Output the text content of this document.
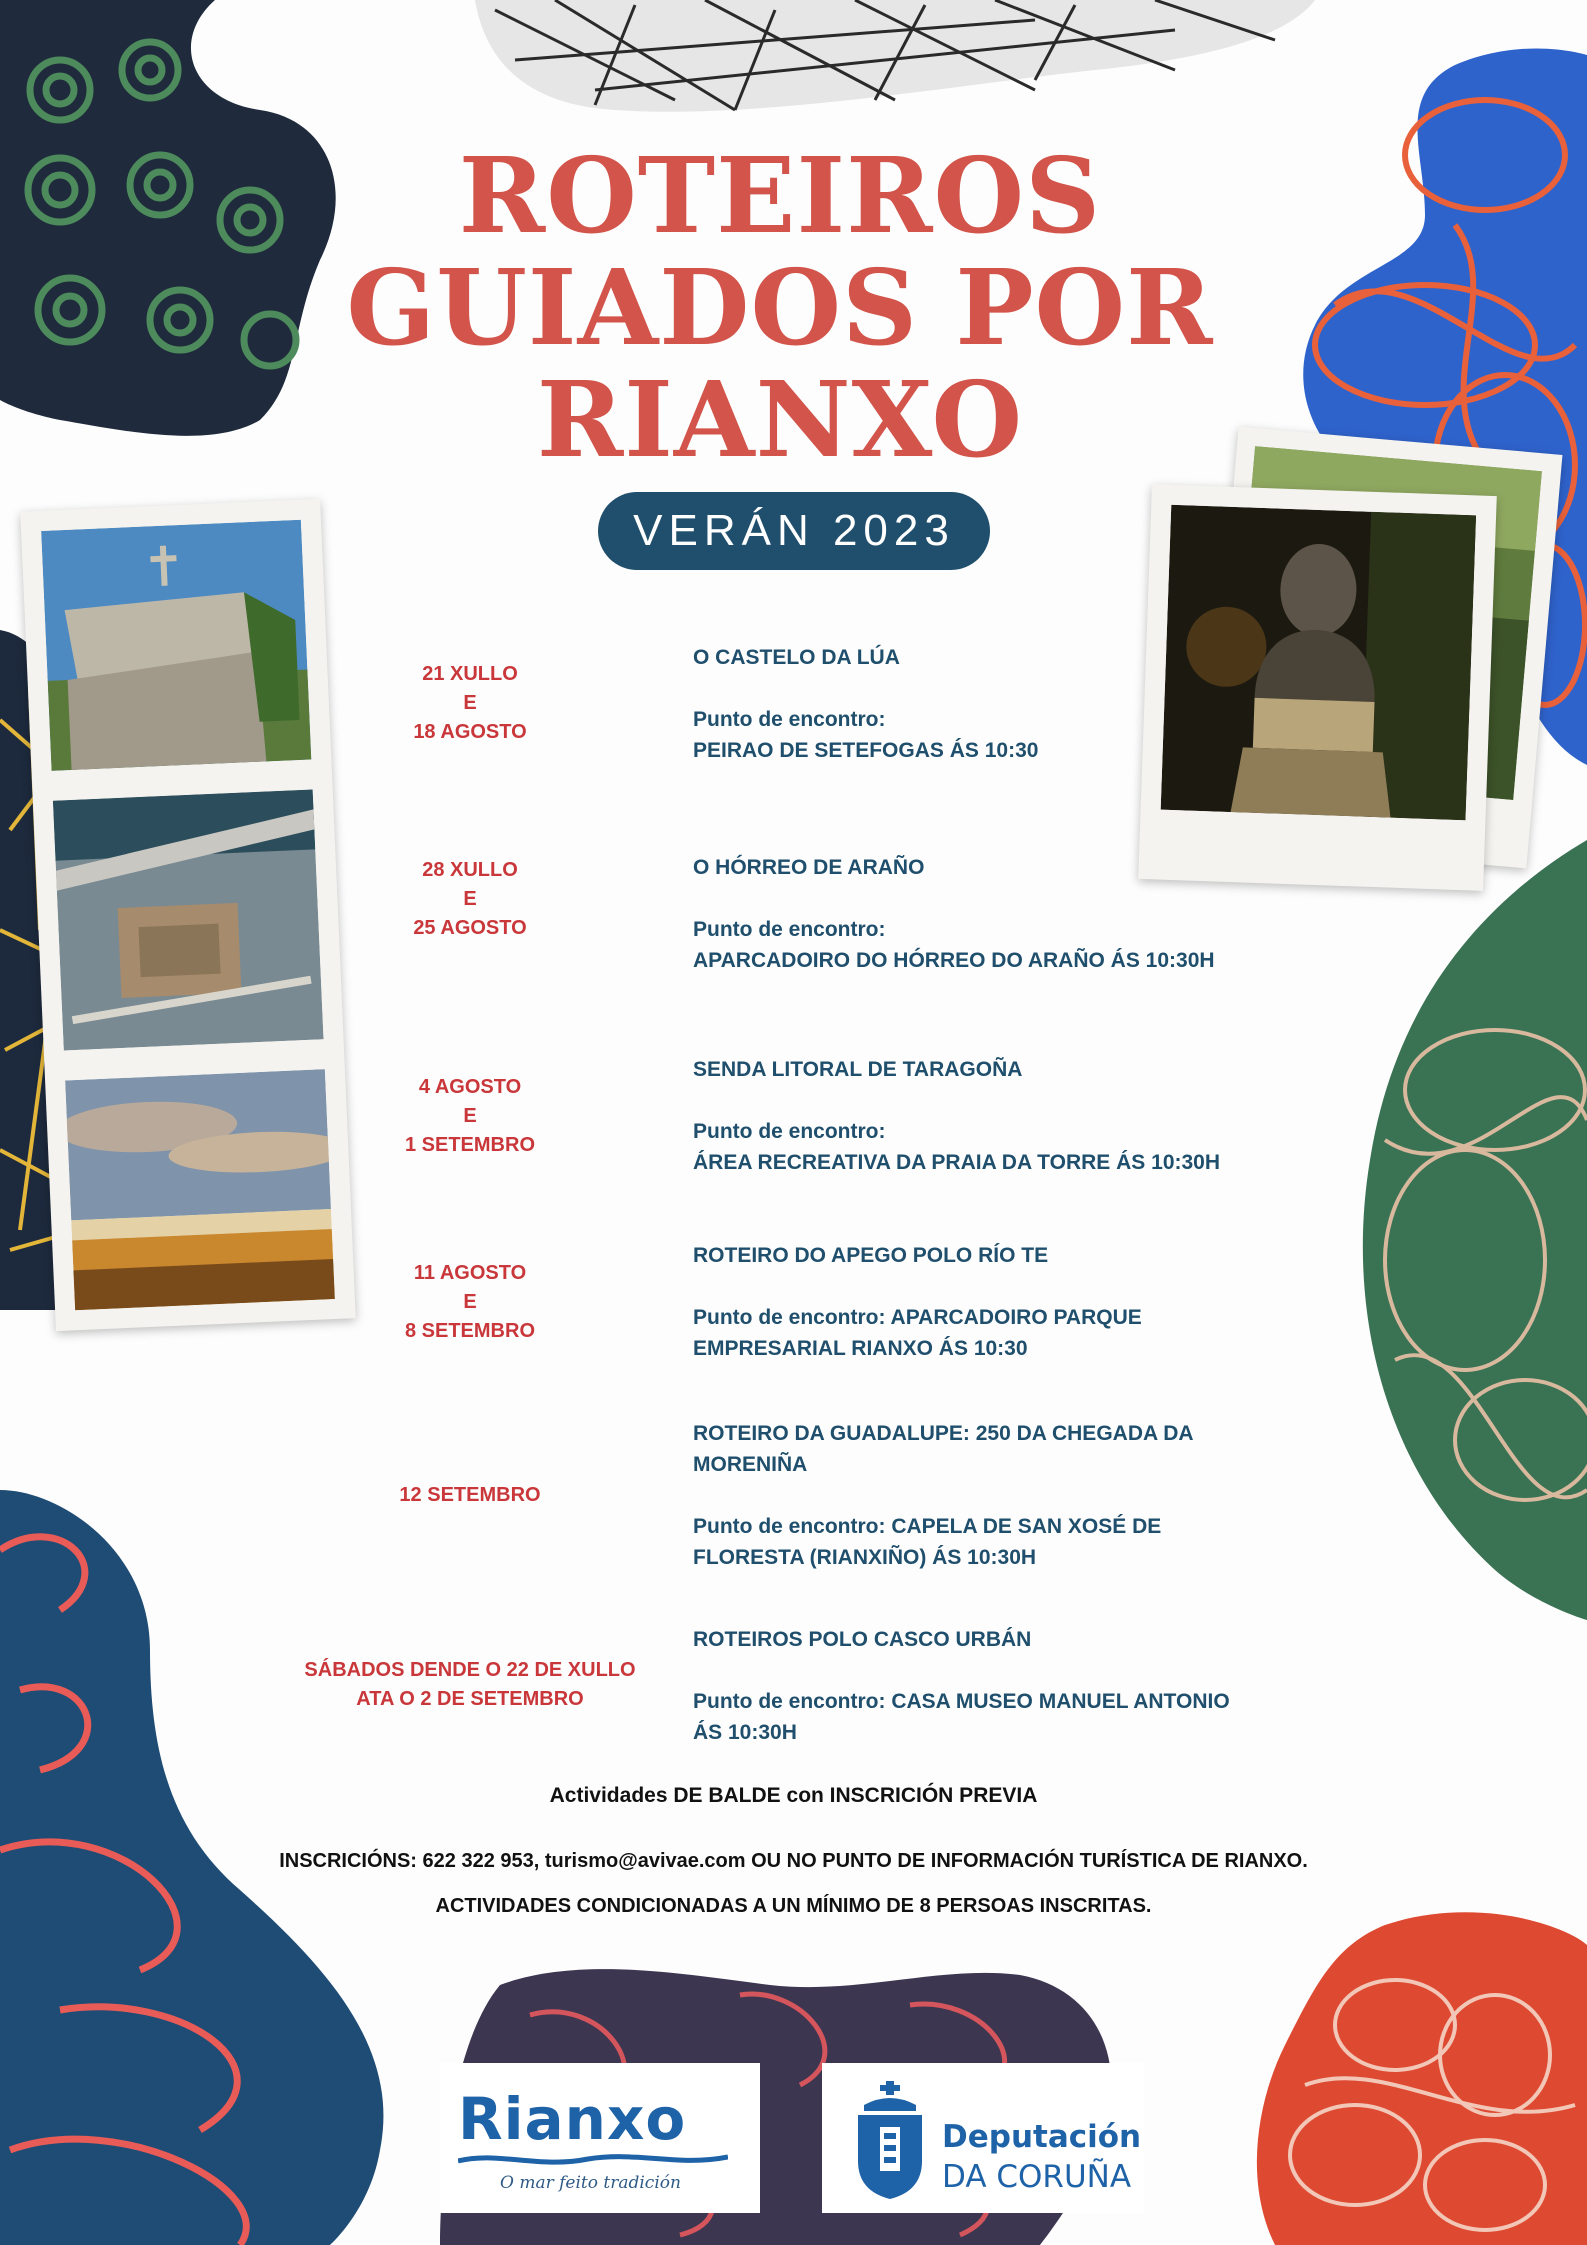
ROTEIROS
GUIADOS POR
RIANXO
VERÁN 2023
21 XULLO
E
18 AGOSTO
O CASTELO DA LÚA
Punto de encontro:
PEIRAO DE SETEFOGAS ÁS 10:30
28 XULLO
E
25 AGOSTO
O HÓRREO DE ARAÑO
Punto de encontro:
APARCADOIRO DO HÓRREO DO ARAÑO ÁS 10:30H
4 AGOSTO
E
1 SETEMBRO
SENDA LITORAL DE TARAGOÑA
Punto de encontro:
ÁREA RECREATIVA DA PRAIA DA TORRE ÁS 10:30H
11 AGOSTO
E
8 SETEMBRO
ROTEIRO DO APEGO POLO RÍO TE
Punto de encontro: APARCADOIRO PARQUE
EMPRESARIAL RIANXO ÁS 10:30
12 SETEMBRO
ROTEIRO DA GUADALUPE: 250 DA CHEGADA DA
MORENIÑA
Punto de encontro: CAPELA DE SAN XOSÉ DE
FLORESTA (RIANXIÑO) ÁS 10:30H
SÁBADOS DENDE O 22 DE XULLO
ATA O 2 DE SETEMBRO
ROTEIROS POLO CASCO URBÁN
Punto de encontro: CASA MUSEO MANUEL ANTONIO
ÁS 10:30H
Actividades DE BALDE con INSCRICIÓN PREVIA
INSCRICIÓNS: 622 322 953, turismo@avivae.com OU NO PUNTO DE INFORMACIÓN TURÍSTICA DE RIANXO.
ACTIVIDADES CONDICIONADAS A UN MÍNIMO DE 8 PERSOAS INSCRITAS.
Rianxo
O mar feito tradición
Deputación
DA CORUÑA
